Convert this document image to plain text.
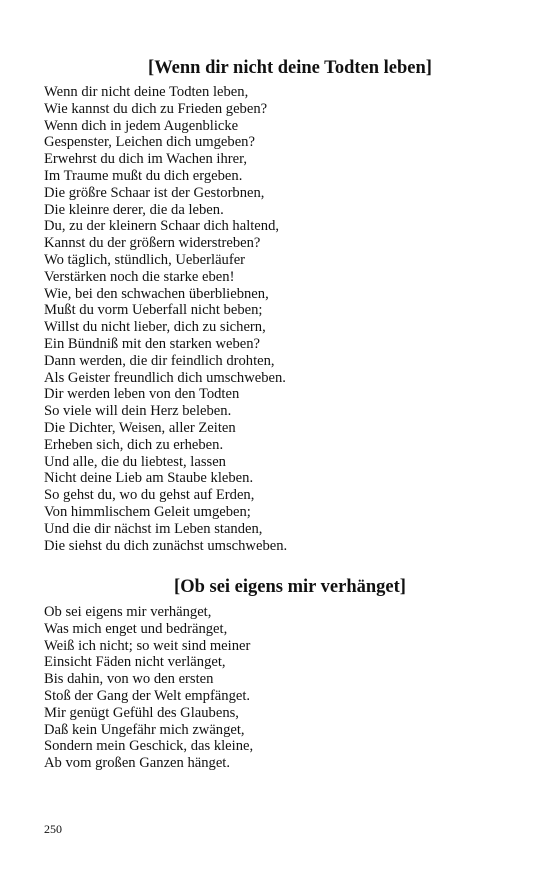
[Wenn dir nicht deine Todten leben]
Wenn dir nicht deine Todten leben,
Wie kannst du dich zu Frieden geben?
Wenn dich in jedem Augenblicke
Gespenster, Leichen dich umgeben?
Erwehrst du dich im Wachen ihrer,
Im Traume mußt du dich ergeben.
Die größre Schaar ist der Gestorbnen,
Die kleinre derer, die da leben.
Du, zu der kleinern Schaar dich haltend,
Kannst du der größern widerstreben?
Wo täglich, stündlich, Ueberläufer
Verstärken noch die starke eben!
Wie, bei den schwachen überbliebnen,
Mußt du vorm Ueberfall nicht beben;
Willst du nicht lieber, dich zu sichern,
Ein Bündniß mit den starken weben?
Dann werden, die dir feindlich drohten,
Als Geister freundlich dich umschweben.
Dir werden leben von den Todten
So viele will dein Herz beleben.
Die Dichter, Weisen, aller Zeiten
Erheben sich, dich zu erheben.
Und alle, die du liebtest, lassen
Nicht deine Lieb am Staube kleben.
So gehst du, wo du gehst auf Erden,
Von himmlischem Geleit umgeben;
Und die dir nächst im Leben standen,
Die siehst du dich zunächst umschweben.
[Ob sei eigens mir verhänget]
Ob sei eigens mir verhänget,
Was mich enget und bedränget,
Weiß ich nicht; so weit sind meiner
Einsicht Fäden nicht verlänget,
Bis dahin, von wo den ersten
Stoß der Gang der Welt empfänget.
Mir genügt Gefühl des Glaubens,
Daß kein Ungefähr mich zwänget,
Sondern mein Geschick, das kleine,
Ab vom großen Ganzen hänget.
250
